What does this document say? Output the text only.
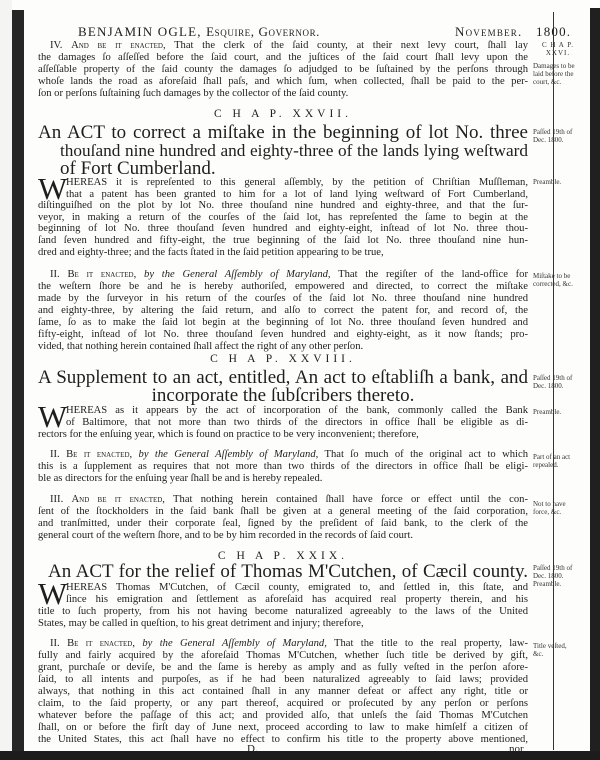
BENJAMIN OGLE, Esquire, Governor.	November. 1800.
IV. And be it enacted, That the clerk of the ſaid county, at their next levy court, ſhall lay
the damages ſo aſſeſſed before the ſaid court, and the juſtices of the ſaid court ſhall levy upon the
aſſeſſable property of the ſaid county the damages ſo adjudged to be ſuſtained by the perſons through
whoſe lands the road as aforeſaid ſhall paſs, and which ſum, when collected, ſhall be paid to the per-
ſon or perſons ſuſtaining ſuch damages by the collector of the ſaid county.
C H A P. XXVII.
An ACT to correct a miſtake in the beginning of lot No. three
thouſand nine hundred and eighty-three of the lands lying weſtward
of Fort Cumberland.
W
HEREAS it is repreſented to this general aſſembly, by the petition of Chriſtian Muſſleman,
that a patent has been granted to him for a lot of land lying weſtward of Fort Cumberland,
diſtinguiſhed on the plot by lot No. three thouſand nine hundred and eighty-three, and that the ſur-
veyor, in making a return of the courſes of the ſaid lot, has repreſented the ſame to begin at the
beginning of lot No. three thouſand ſeven hundred and eighty-eight, inſtead of lot No. three thou-
ſand ſeven hundred and fifty-eight, the true beginning of the ſaid lot No. three thouſand nine hun-
dred and eighty-three; and the facts ſtated in the ſaid petition appearing to be true,
II. Be it enacted, by the General Aſſembly of Maryland, That the regiſter of the land-office for
the weſtern ſhore be and he is hereby authoriſed, empowered and directed, to correct the miſtake
made by the ſurveyor in his return of the courſes of the ſaid lot No. three thouſand nine hundred
and eighty-three, by altering the ſaid return, and alſo to correct the patent for, and record of, the
ſame, ſo as to make the ſaid lot begin at the beginning of lot No. three thouſand ſeven hundred and
fifty-eight, inſtead of lot No. three thouſand ſeven hundred and eighty-eight, as it now ſtands; pro-
vided, that nothing herein contained ſhall affect the right of any other perſon.
C H A P. XXVIII.
A Supplement to an act, entitled, An act to eſtabliſh a bank, and
incorporate the ſubſcribers thereto.
W
HEREAS as it appears by the act of incorporation of the bank, commonly called the Bank
of Baltimore, that not more than two thirds of the directors in office ſhall be eligible as di-
rectors for the enſuing year, which is found on practice to be very inconvenient; therefore,
II. Be it enacted, by the General Aſſembly of Maryland, That ſo much of the original act to which
this is a ſupplement as requires that not more than two thirds of the directors in office ſhall be eligi-
ble as directors for the enſuing year ſhall be and is hereby repealed.
III. And be it enacted, That nothing herein contained ſhall have force or effect until the con-
ſent of the ſtockholders in the ſaid bank ſhall be given at a general meeting of the ſaid corporation,
and tranſmitted, under their corporate ſeal, ſigned by the preſident of ſaid bank, to the clerk of the
general court of the weſtern ſhore, and to be by him recorded in the records of ſaid court.
C H A P. XXIX.
An ACT for the relief of Thomas M'Cutchen, of Cæcil county.
W
HEREAS Thomas M'Cutchen, of Cæcil county, emigrated to, and ſettled in, this ſtate, and
ſince his emigration and ſettlement as aforeſaid has acquired real property therein, and his
title to ſuch property, from his not having become naturalized agreeably to the laws of the United
States, may be called in queſtion, to his great detriment and injury; therefore,
II. Be it enacted, by the General Aſſembly of Maryland, That the title to the real property, law-
fully and fairly acquired by the aforeſaid Thomas M'Cutchen, whether ſuch title be derived by gift,
grant, purchaſe or deviſe, be and the ſame is hereby as amply and as fully veſted in the perſon afore-
ſaid, to all intents and purpoſes, as if he had been naturalized agreeably to ſaid laws; provided
always, that nothing in this act contained ſhall in any manner defeat or affect any right, title or
claim, to the ſaid property, or any part thereof, acquired or proſecuted by any perſon or perſons
whatever before the paſſage of this act; and provided alſo, that unleſs the ſaid Thomas M'Cutchen
ſhall, on or before the firſt day of June next, proceed according to law to make himſelf a citizen of
the United States, this act ſhall have no effect to confirm his title to the property above mentioned,
C H A P.
XXVI.
Damages to be
laid before the
court, &c.
Paſſed 19th of
Dec. 1800.
Preamble.
Miſtake to be
corrected, &c.
Paſſed 19th of
Dec. 1800.
Preamble.
Part of an act
repealed.
Not to have
force, &c.
Paſſed 19th of
Dec. 1800.
Preamble.
Title veſted,
&c.
D.	nor
